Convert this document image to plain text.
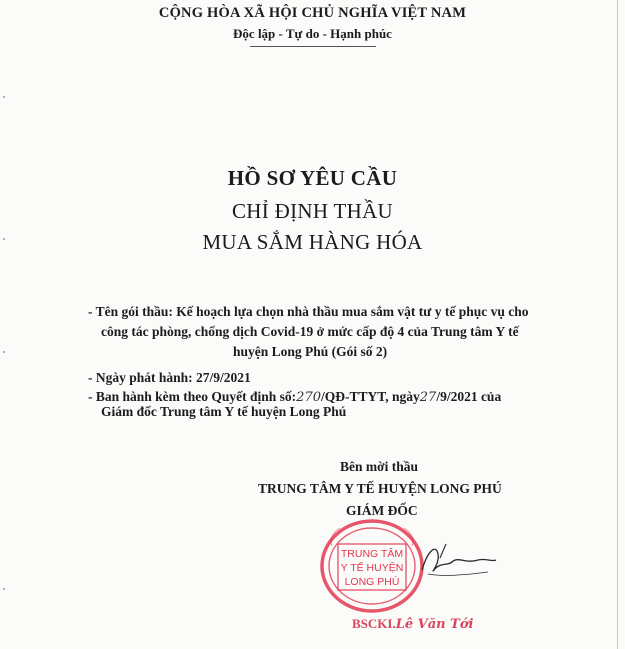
CỘNG HÒA XÃ HỘI CHỦ NGHĨA VIỆT NAM
Độc lập - Tự do - Hạnh phúc
HỒ SƠ YÊU CẦU
CHỈ ĐỊNH THẦU
MUA SẮM HÀNG HÓA
- Tên gói thầu: Kế hoạch lựa chọn nhà thầu mua sắm vật tư y tế phục vụ cho
công tác phòng, chống dịch Covid-19 ở mức cấp độ 4 của Trung tâm Y tế
huyện Long Phú (Gói số 2)
- Ngày phát hành: 27/9/2021
- Ban hành kèm theo Quyết định số:270/QĐ-TTYT, ngày27/9/2021 của
Giám đốc Trung tâm Y tế huyện Long Phú
Bên mời thầu
TRUNG TÂM Y TẾ HUYỆN LONG PHÚ
GIÁM ĐỐC
TRUNG TÂM
Y TẾ HUYỆN
LONG PHÚ
BSCKI.Lê Văn Tới
